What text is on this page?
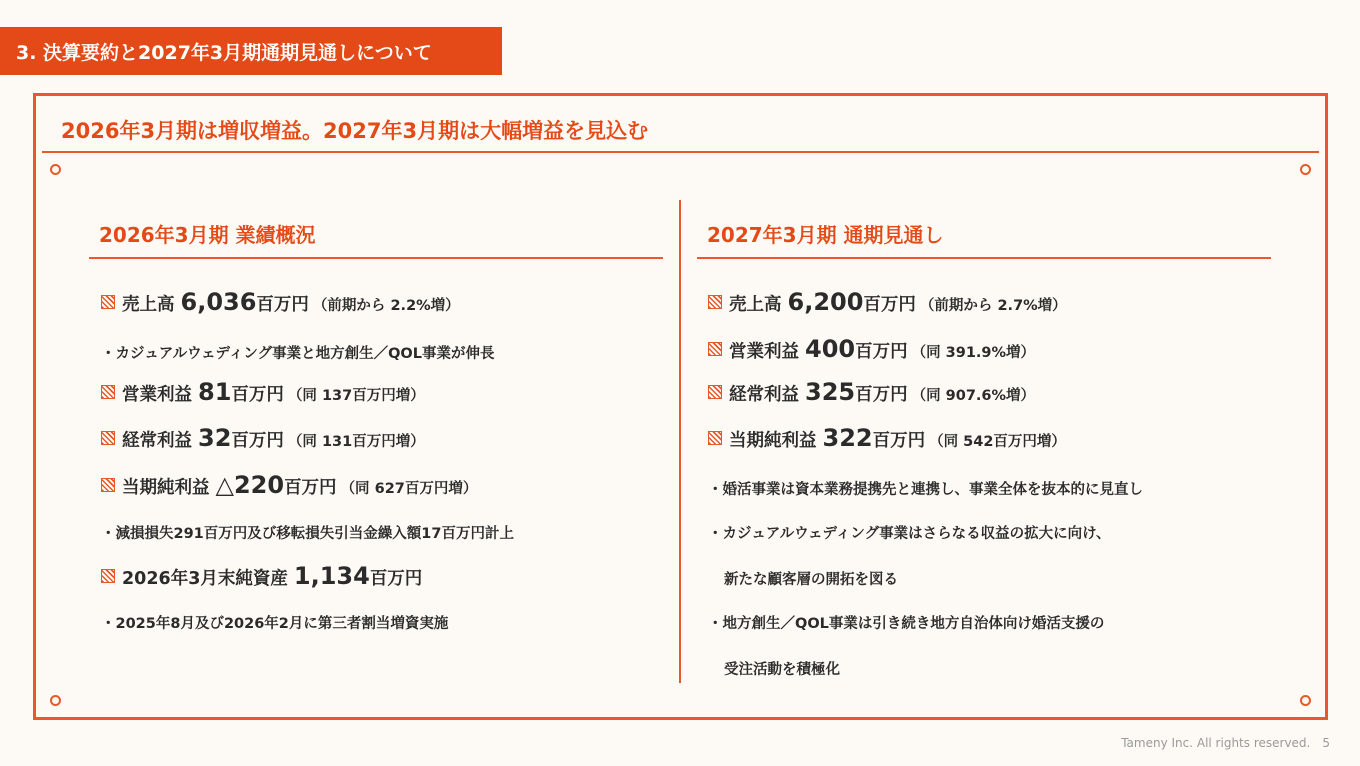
3. 決算要約と2027年3月期通期見通しについて
2026年3月期は増収増益。2027年3月期は大幅増益を見込む
2026年3月期 業績概況
売上高 6,036 百万円 （前期から 2.2%増）
・カジュアルウェディング事業と地方創生／QOL事業が伸長
営業利益 81 百万円 （同 137百万円増）
経常利益 32 百万円 （同 131百万円増）
当期純利益 △220 百万円 （同 627百万円増）
・減損損失291百万円及び移転損失引当金繰入額17百万円計上
2026年3月末純資産 1,134 百万円
・2025年8月及び2026年2月に第三者割当増資実施
2027年3月期 通期見通し
売上高 6,200 百万円 （前期から 2.7%増）
営業利益 400 百万円 （同 391.9%増）
経常利益 325 百万円 （同 907.6%増）
当期純利益 322 百万円 （同 542百万円増）
・婚活事業は資本業務提携先と連携し、事業全体を抜本的に見直し
・カジュアルウェディング事業はさらなる収益の拡大に向け、
新たな顧客層の開拓を図る
・地方創生／QOL事業は引き続き地方自治体向け婚活支援の
受注活動を積極化
Tameny Inc. All rights reserved. 5
